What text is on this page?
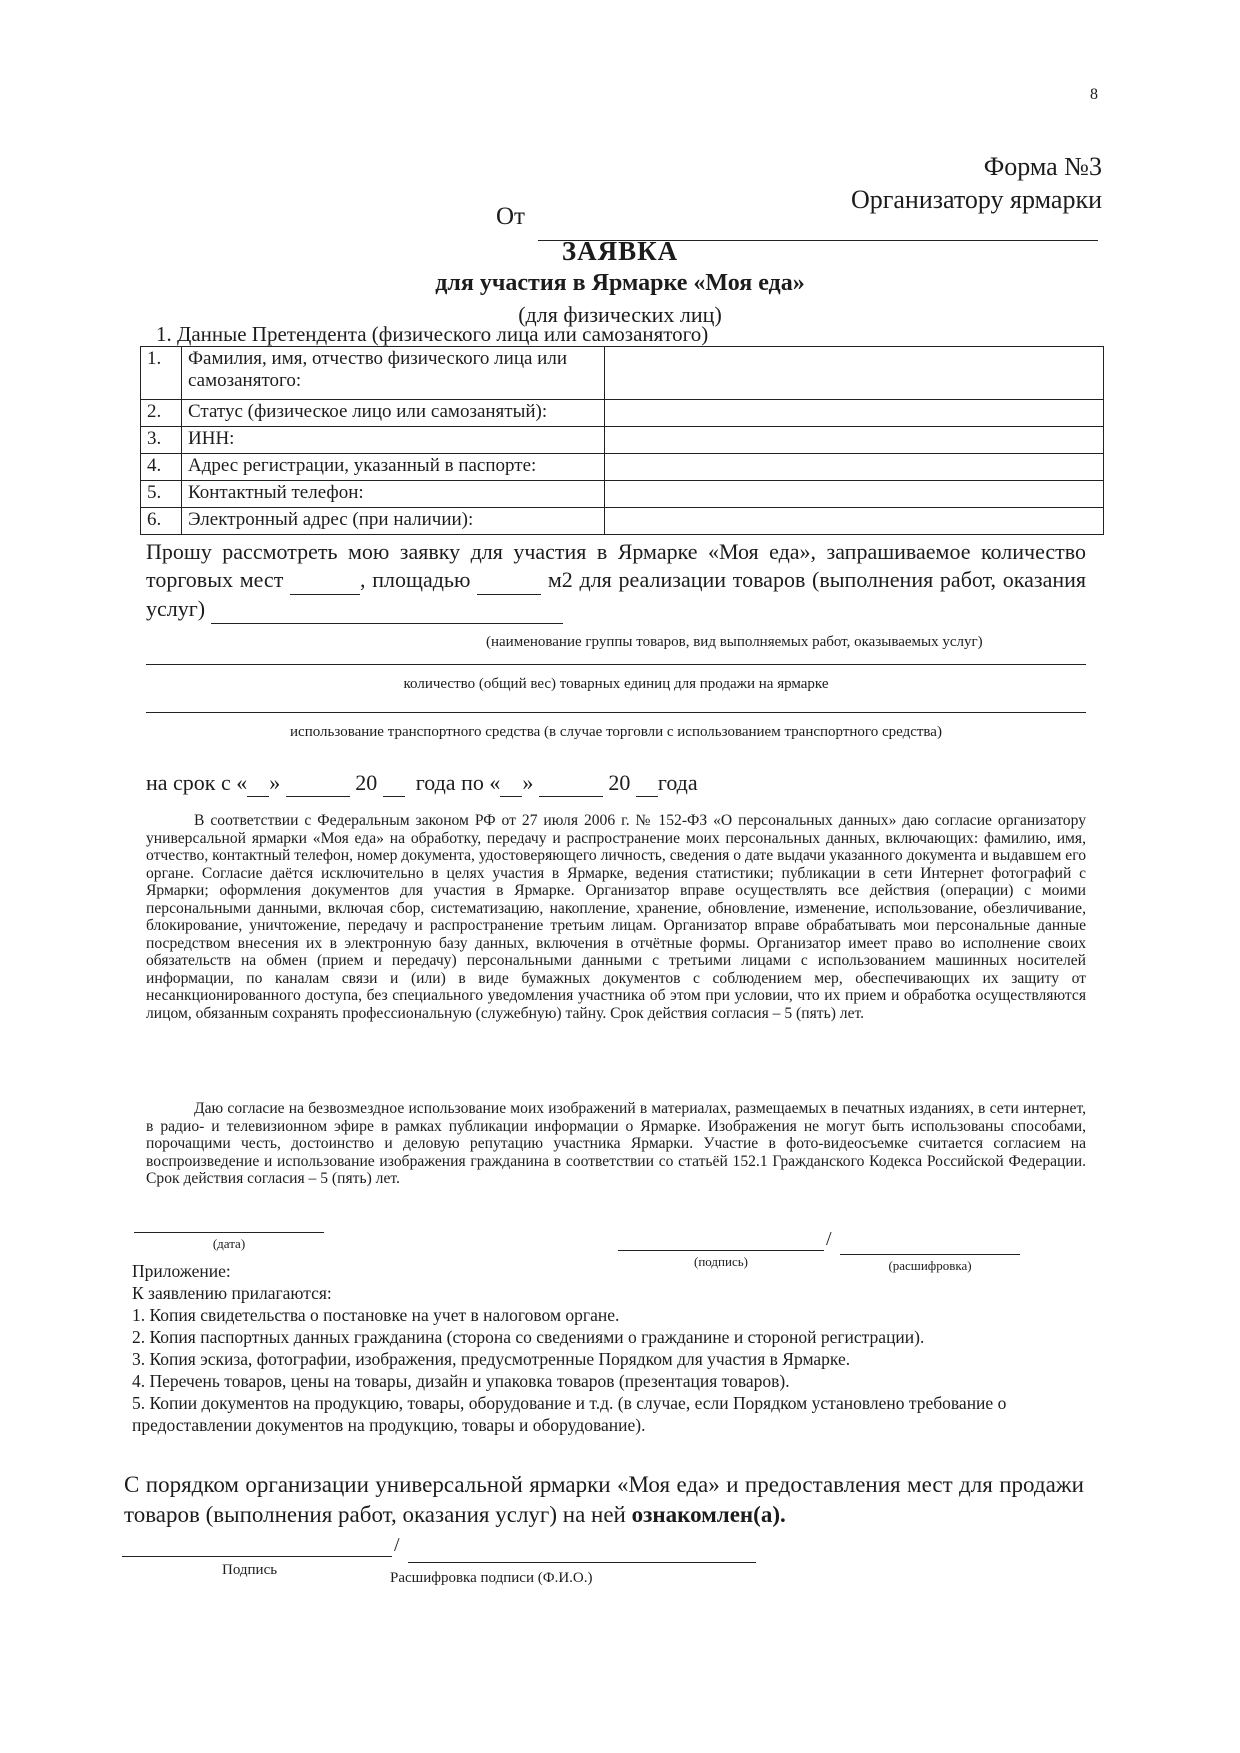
8
Форма №3
Организатору ярмарки
От
ЗАЯВКА
для участия в Ярмарке «Моя еда»
(для физических лиц)
1. Данные Претендента (физического лица или самозанятого)
1.	Фамилия, имя, отчество физического лица или самозанятого:	
2.	Статус (физическое лицо или самозанятый):	
3.	ИНН:	
4.	Адрес регистрации, указанный в паспорте:	
5.	Контактный телефон:	
6.	Электронный адрес (при наличии):	
Прошу рассмотреть мою заявку для участия в Ярмарке «Моя еда», запрашиваемое количество торговых мест	, площадью	м2 для реализации товаров (выполнения работ, оказания услуг)
(наименование группы товаров, вид выполняемых работ, оказываемых услуг)
количество (общий вес) товарных единиц для продажи на ярмарке
использование транспортного средства (в случае торговли с использованием транспортного средства)
на срок с « »	20 года по « »	20 года

В соответствии с Федеральным законом РФ от 27 июля 2006 г. № 152-ФЗ «О персональных данных» даю согласие организатору универсальной ярмарки «Моя еда» на обработку, передачу и распространение моих персональных данных, включающих: фамилию, имя, отчество, контактный телефон, номер документа, удостоверяющего личность, сведения о дате выдачи указанного документа и выдавшем его органе. Согласие даётся исключительно в целях участия в Ярмарке, ведения статистики; публикации в сети Интернет фотографий с Ярмарки; оформления документов для участия в Ярмарке. Организатор вправе осуществлять все действия (операции) с моими персональными данными, включая сбор, систематизацию, накопление, хранение, обновление, изменение, использование, обезличивание, блокирование, уничтожение, передачу и распространение третьим лицам. Организатор вправе обрабатывать мои персональные данные посредством внесения их в электронную базу данных, включения в отчётные формы. Организатор имеет право во исполнение своих обязательств на обмен (прием и передачу) персональными данными с третьими лицами с использованием машинных носителей информации, по каналам связи и (или) в виде бумажных документов с соблюдением мер, обеспечивающих их защиту от несанкционированного доступа, без специального уведомления участника об этом при условии, что их прием и обработка осуществляются лицом, обязанным сохранять профессиональную (служебную) тайну. Срок действия согласия – 5 (пять) лет.

Даю согласие на безвозмездное использование моих изображений в материалах, размещаемых в печатных изданиях, в сети интернет, в радио- и телевизионном эфире в рамках публикации информации о Ярмарке. Изображения не могут быть использованы способами, порочащими честь, достоинство и деловую репутацию участника Ярмарки. Участие в фото-видеосъемке считается согласием на воспроизведение и использование изображения гражданина в соответствии со статьёй 152.1 Гражданского Кодекса Российской Федерации. Срок действия согласия – 5 (пять) лет.

(дата)	/
(подпись)	(расшифровка)
Приложение:
К заявлению прилагаются:
1. Копия свидетельства о постановке на учет в налоговом органе.
2. Копия паспортных данных гражданина (сторона со сведениями о гражданине и стороной регистрации).
3. Копия эскиза, фотографии, изображения, предусмотренные Порядком для участия в Ярмарке.
4. Перечень товаров, цены на товары, дизайн и упаковка товаров (презентация товаров).
5. Копии документов на продукцию, товары, оборудование и т.д. (в случае, если Порядком установлено требование о предоставлении документов на продукцию, товары и оборудование).
С порядком организации универсальной ярмарки «Моя еда» и предоставления мест для продажи товаров (выполнения работ, оказания услуг) на ней ознакомлен(а).
/
Подпись	Расшифровка подписи (Ф.И.О.)
